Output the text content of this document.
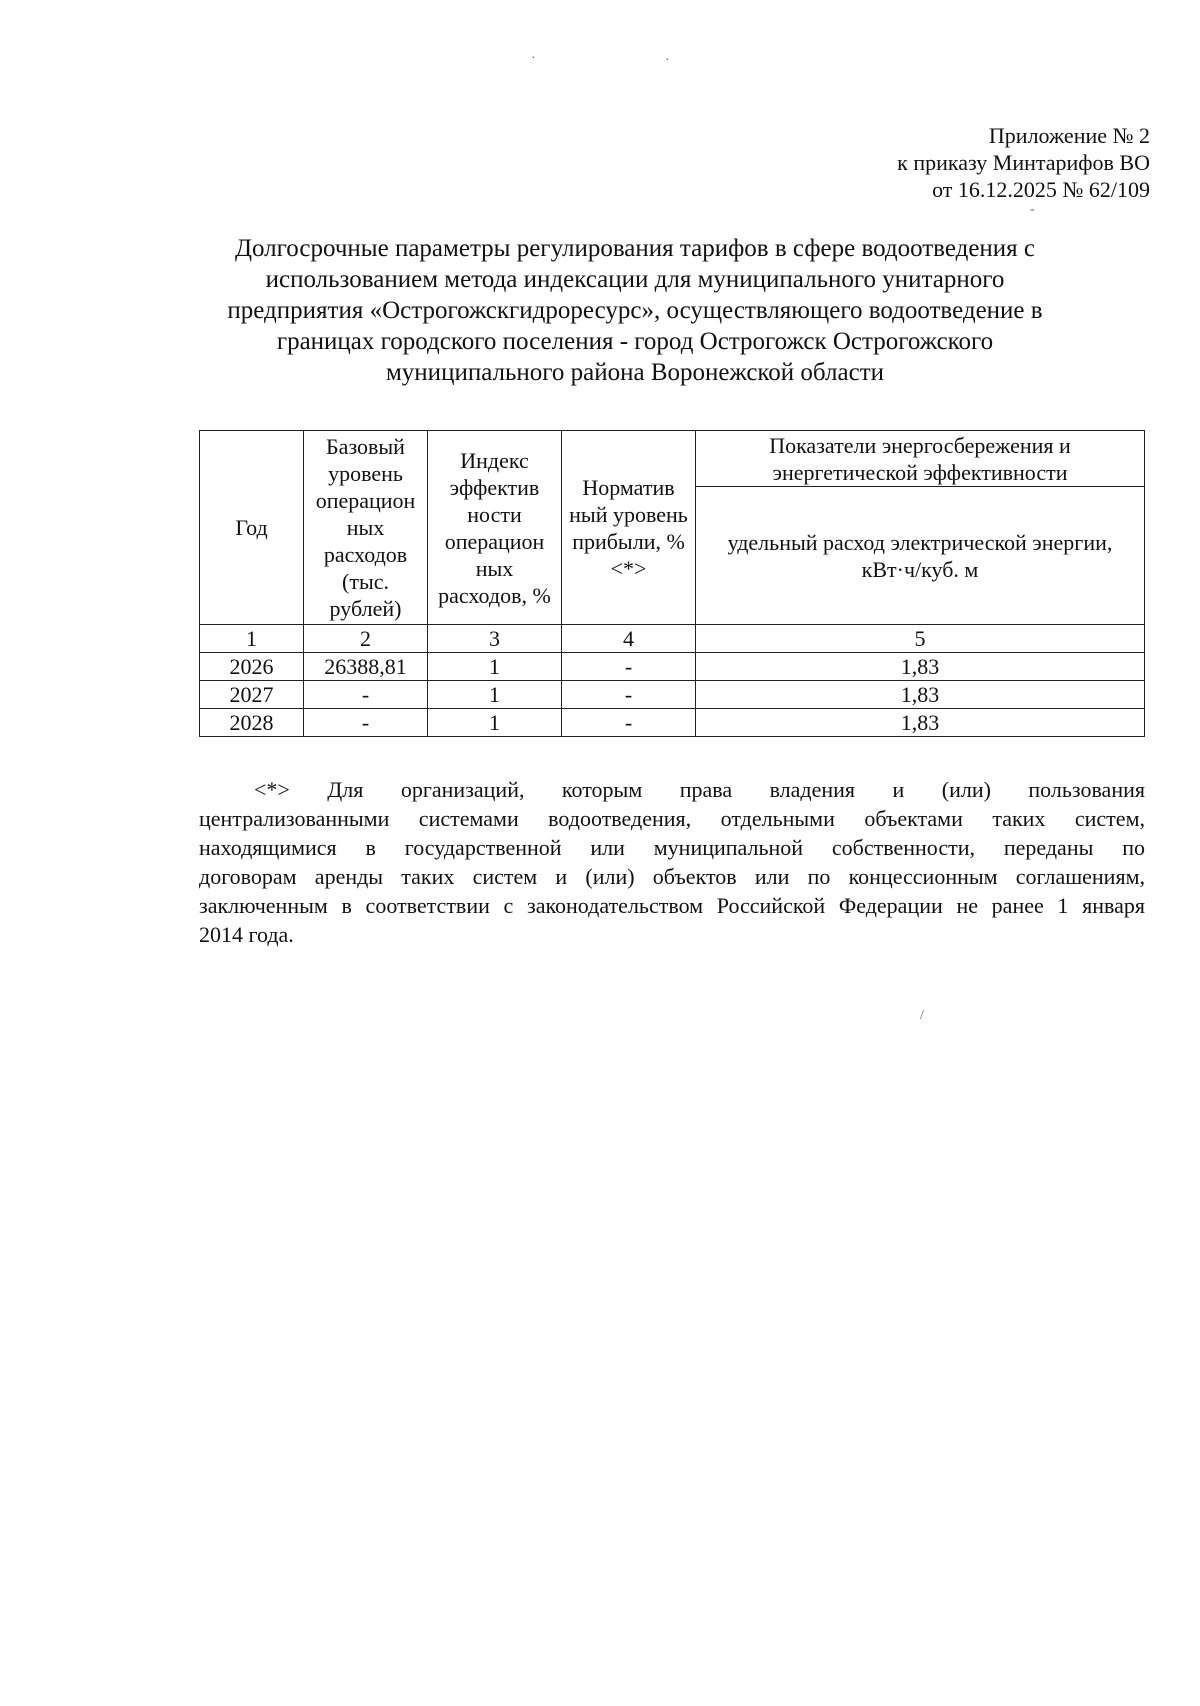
·	·
‑
/
Приложение № 2
к приказу Минтарифов ВО
от 16.12.2025 № 62/109
Долгосрочные параметры регулирования тарифов в сфере водоотведения с
использованием метода индексации для муниципального унитарного
предприятия «Острогожскгидроресурс», осуществляющего водоотведение в
границах городского поселения - город Острогожск Острогожского
муниципального района Воронежской области
Год	Базовый уровень операцион ных расходов (тыс. рублей)	Индекс эффектив ности операцион ных расходов, %	Норматив ный уровень прибыли, % <*>	Показатели энергосбережения и энергетической эффективности
				удельный расход электрической энергии, кВт·ч/куб. м
1	2	3	4	5
2026	26388,81	1	-	1,83
2027	-	1	-	1,83
2028	-	1	-	1,83
<*> Для организаций, которым права владения и (или) пользования
централизованными системами водоотведения, отдельными объектами таких систем,
находящимися в государственной или муниципальной собственности, переданы по
договорам аренды таких систем и (или) объектов или по концессионным соглашениям,
заключенным в соответствии с законодательством Российской Федерации не ранее 1 января
2014 года.
